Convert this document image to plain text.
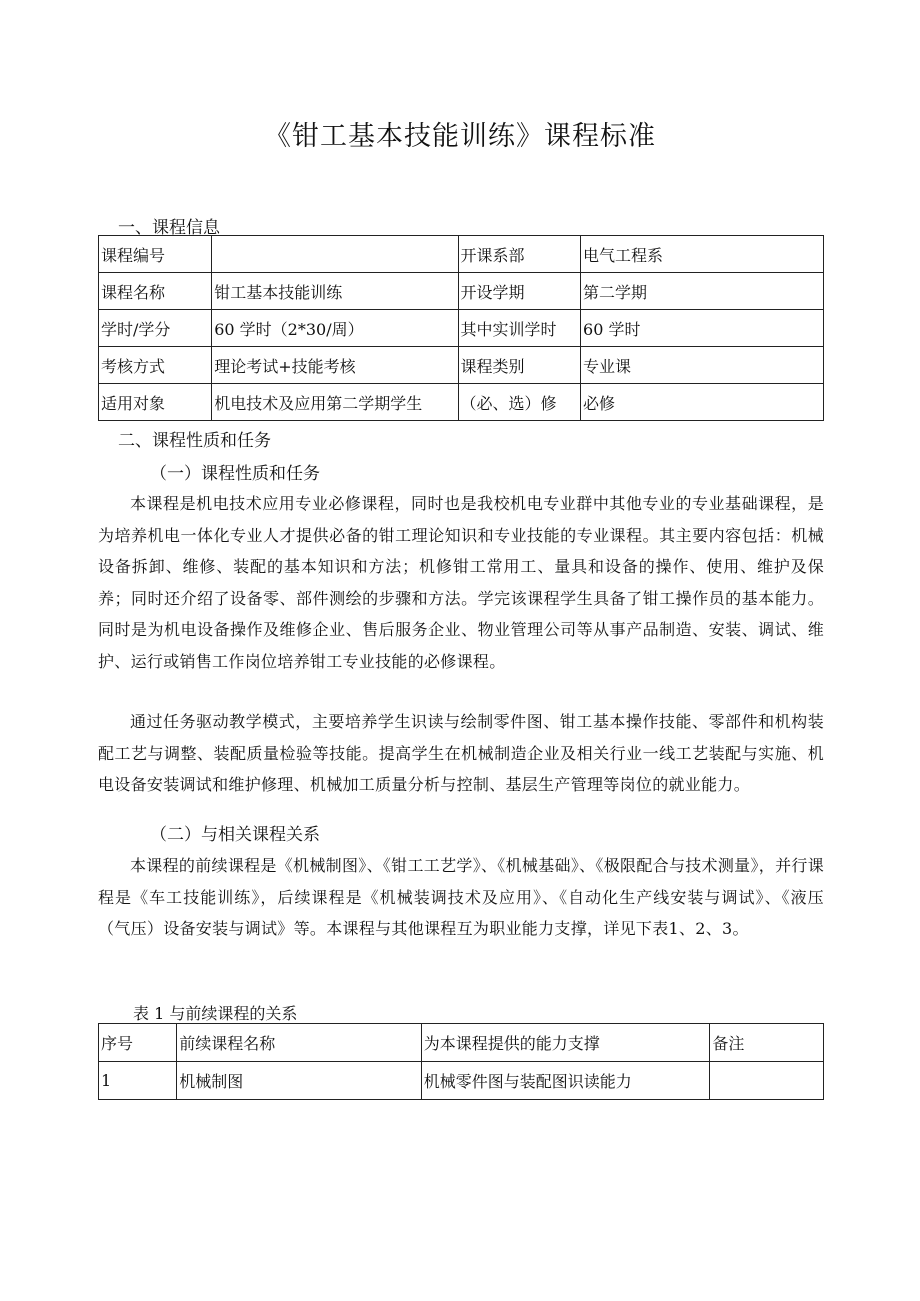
《钳工基本技能训练》课程标准

一、课程信息

课程编号		开课系部	电气工程系
课程名称	钳工基本技能训练	开设学期	第二学期
学时/学分	60 学时（2*30/周）	其中实训学时	60 学时
考核方式	理论考试+技能考核	课程类别	专业课
适用对象	机电技术及应用第二学期学生	（必、选）修	必修

二、课程性质和任务

（一）课程性质和任务

本课程是机电技术应用专业必修课程，同时也是我校机电专业群中其他专业的专业基础课程，是为培养机电一体化专业人才提供必备的钳工理论知识和专业技能的专业课程。其主要内容包括：机械设备拆卸、维修、装配的基本知识和方法；机修钳工常用工、量具和设备的操作、使用、维护及保养；同时还介绍了设备零、部件测绘的步骤和方法。学完该课程学生具备了钳工操作员的基本能力。同时是为机电设备操作及维修企业、售后服务企业、物业管理公司等从事产品制造、安装、调试、维护、运行或销售工作岗位培养钳工专业技能的必修课程。

通过任务驱动教学模式，主要培养学生识读与绘制零件图、钳工基本操作技能、零部件和机构装配工艺与调整、装配质量检验等技能。提高学生在机械制造企业及相关行业一线工艺装配与实施、机电设备安装调试和维护修理、机械加工质量分析与控制、基层生产管理等岗位的就业能力。

（二）与相关课程关系

本课程的前续课程是《机械制图》、《钳工工艺学》、《机械基础》、《极限配合与技术测量》，并行课程是《车工技能训练》，后续课程是《机械装调技术及应用》、《自动化生产线安装与调试》、《液压（气压）设备安装与调试》等。本课程与其他课程互为职业能力支撑，详见下表1、2、3。

表 1 与前续课程的关系

序号	前续课程名称	为本课程提供的能力支撑	备注
1	机械制图	机械零件图与装配图识读能力	
